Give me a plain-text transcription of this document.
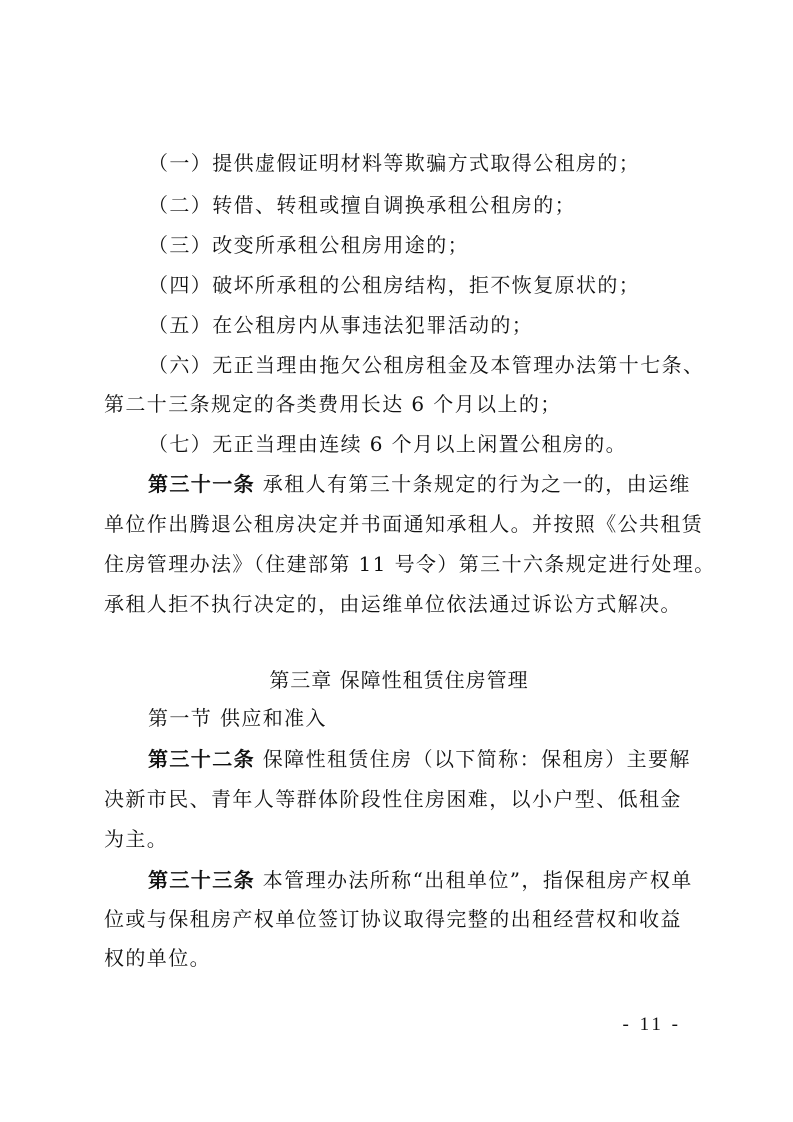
（一）提供虚假证明材料等欺骗方式取得公租房的；
（二）转借、转租或擅自调换承租公租房的；
（三）改变所承租公租房用途的；
（四）破坏所承租的公租房结构，拒不恢复原状的；
（五）在公租房内从事违法犯罪活动的；
（六）无正当理由拖欠公租房租金及本管理办法第十七条、
第二十三条规定的各类费用长达 6 个月以上的；
（七）无正当理由连续 6 个月以上闲置公租房的。
第三十一条 承租人有第三十条规定的行为之一的，由运维
单位作出腾退公租房决定并书面通知承租人。并按照《公共租赁
住房管理办法》（住建部第 11 号令）第三十六条规定进行处理。
承租人拒不执行决定的，由运维单位依法通过诉讼方式解决。
第三章 保障性租赁住房管理
第一节 供应和准入
第三十二条 保障性租赁住房（以下简称：保租房）主要解
决新市民、青年人等群体阶段性住房困难，以小户型、低租金
为主。
第三十三条 本管理办法所称“出租单位”，指保租房产权单
位或与保租房产权单位签订协议取得完整的出租经营权和收益
权的单位。
- 11 -
